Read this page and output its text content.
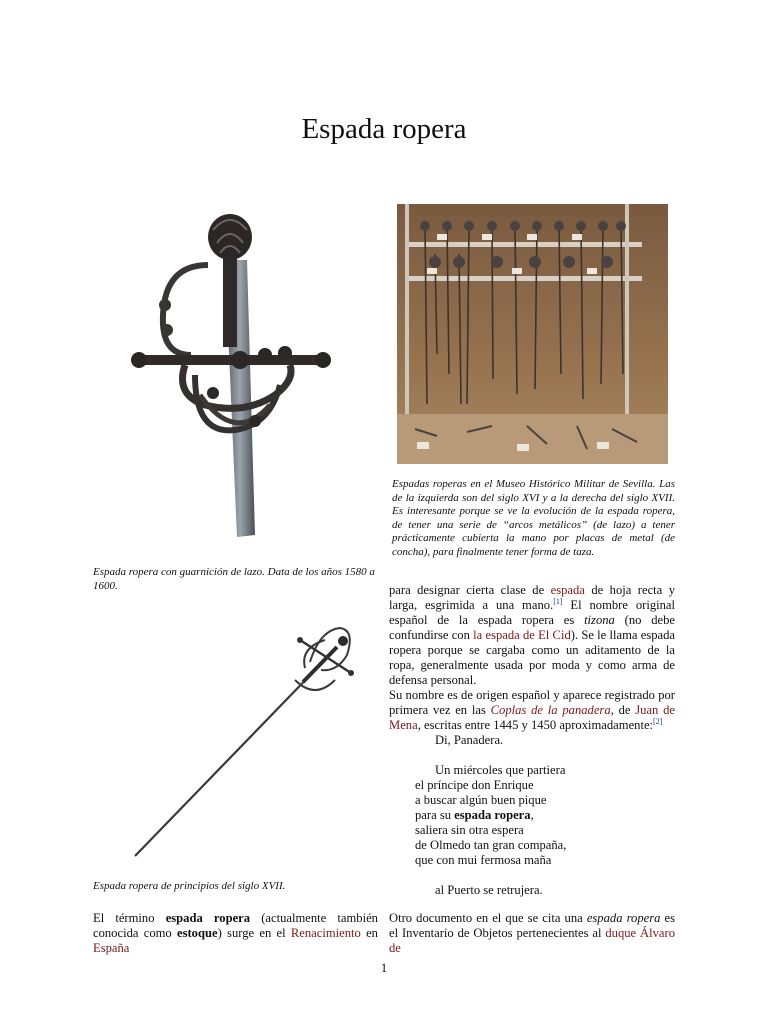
Espada ropera
Espada ropera con guarnición de lazo. Data de los años 1580 a 1600.
Espada ropera de principios del siglo XVII.
Espadas roperas en el Museo Histórico Militar de Sevilla. Las de la izquierda son del siglo XVI y a la derecha del siglo XVII. Es interesante porque se ve la evolución de la espada ropera, de tener una serie de “arcos metálicos” (de lazo) a tener prácticamente cubierta la mano por placas de metal (de concha), para finalmente tener forma de taza.
El término espada ropera (actualmente también conocida como estoque) surge en el Renacimiento en España
para designar cierta clase de espada de hoja recta y larga, esgrimida a una mano.[1] El nombre original español de la espada ropera es tizona (no debe confundirse con la espada de El Cid). Se le llama espada ropera porque se cargaba como un aditamento de la ropa, generalmente usada por moda y como arma de defensa personal.
Su nombre es de origen español y aparece registrado por primera vez en las Coplas de la panadera, de Juan de Mena, escritas entre 1445 y 1450 aproximadamente:[2]
Di, Panadera.
Un miércoles que partiera
el príncipe don Enrique
a buscar algún buen pique
para su espada ropera,
saliera sin otra espera
de Olmedo tan gran compaña,
que con mui fermosa maña
al Puerto se retrujera.
Otro documento en el que se cita una espada ropera es el Inventario de Objetos pertenecientes al duque Álvaro de
1
